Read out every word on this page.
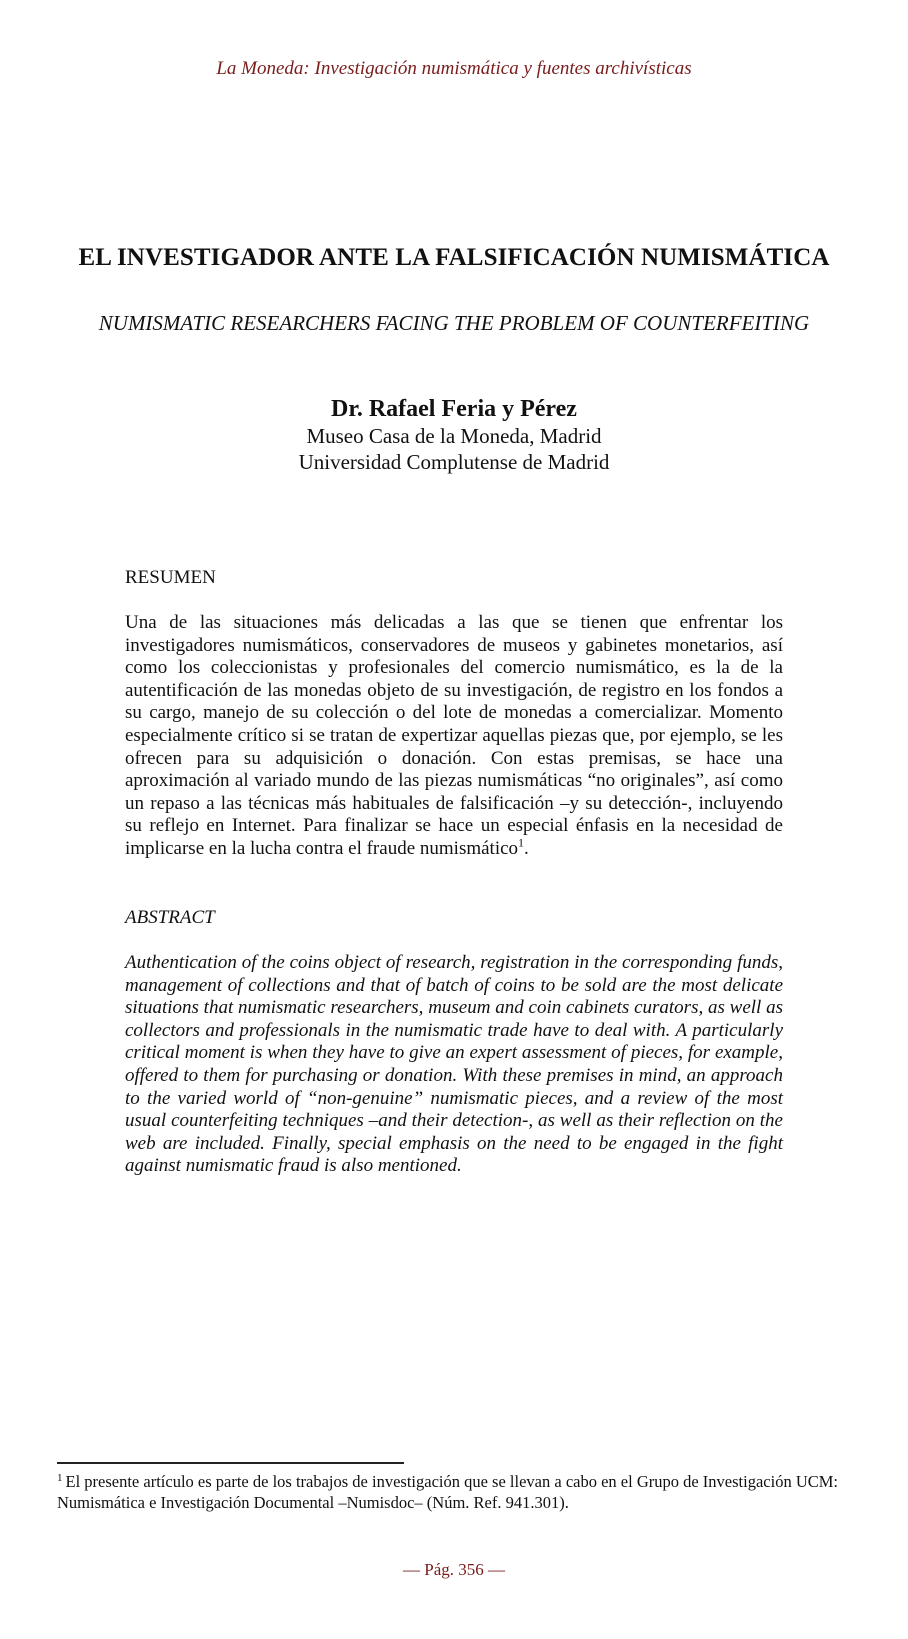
La Moneda: Investigación numismática y fuentes archivísticas
EL INVESTIGADOR ANTE LA FALSIFICACIÓN NUMISMÁTICA
NUMISMATIC RESEARCHERS FACING THE PROBLEM OF COUNTERFEITING
Dr. Rafael Feria y Pérez
Museo Casa de la Moneda, Madrid
Universidad Complutense de Madrid
RESUMEN

Una de las situaciones más delicadas a las que se tienen que enfrentar los investigadores numismáticos, conservadores de museos y gabinetes monetarios, así como los coleccionistas y profesionales del comercio numismático, es la de la autentificación de las monedas objeto de su investigación, de registro en los fondos a su cargo, manejo de su colección o del lote de monedas a comercializar. Momento especialmente crítico si se tratan de expertizar aquellas piezas que, por ejemplo, se les ofrecen para su adquisición o donación. Con estas premisas, se hace una aproximación al variado mundo de las piezas numismáticas “no originales”, así como un repaso a las técnicas más habituales de falsificación –y su detección-, incluyendo su reflejo en Internet. Para finalizar se hace un especial énfasis en la necesidad de implicarse en la lucha contra el fraude numismático$^1$.

ABSTRACT

Authentication of the coins object of research, registration in the corresponding funds, management of collections and that of batch of coins to be sold are the most delicate situations that numismatic researchers, museum and coin cabinets curators, as well as collectors and professionals in the numismatic trade have to deal with. A particularly critical moment is when they have to give an expert assessment of pieces, for example, offered to them for purchasing or donation. With these premises in mind, an approach to the varied world of “non-genuine” numismatic pieces, and a review of the most usual counterfeiting techniques –and their detection-, as well as their reflection on the web are included. Finally, special emphasis on the need to be engaged in the fight against numismatic fraud is also mentioned.

$^1$ El presente artículo es parte de los trabajos de investigación que se llevan a cabo en el Grupo de Investigación UCM: Numismática e Investigación Documental –Numisdoc– (Núm. Ref. 941.301).

— Pág. 356 —
